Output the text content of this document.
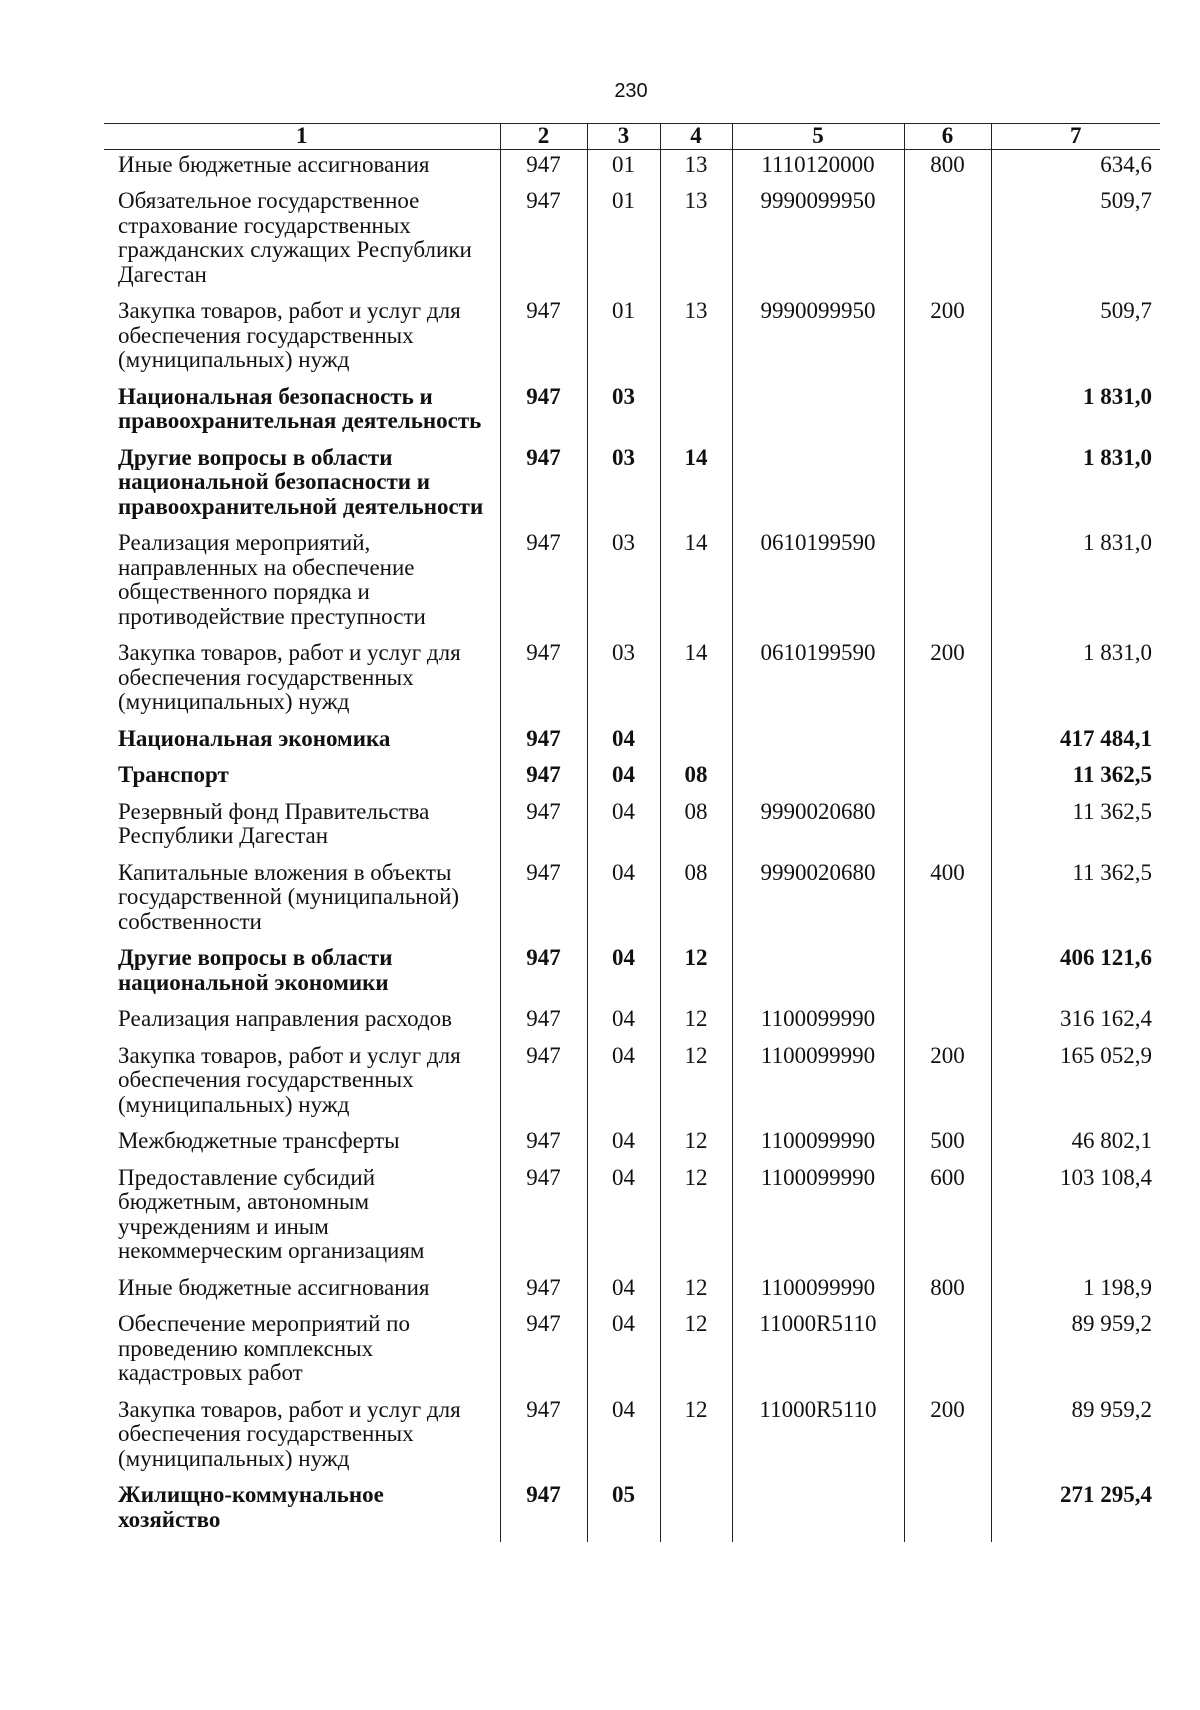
230
1	2	3	4	5	6	7
Иные бюджетные ассигнования	947	01	13	1110120000	800	634,6
Обязательное государственное страхование государственных гражданских служащих Республики Дагестан	947	01	13	9990099950		509,7
Закупка товаров, работ и услуг для обеспечения государственных (муниципальных) нужд	947	01	13	9990099950	200	509,7
Национальная безопасность и правоохранительная деятельность	947	03				1 831,0
Другие вопросы в области национальной безопасности и правоохранительной деятельности	947	03	14			1 831,0
Реализация мероприятий, направленных на обеспечение общественного порядка и противодействие преступности	947	03	14	0610199590		1 831,0
Закупка товаров, работ и услуг для обеспечения государственных (муниципальных) нужд	947	03	14	0610199590	200	1 831,0
Национальная экономика	947	04				417 484,1
Транспорт	947	04	08			11 362,5
Резервный фонд Правительства Республики Дагестан	947	04	08	9990020680		11 362,5
Капитальные вложения в объекты государственной (муниципальной) собственности	947	04	08	9990020680	400	11 362,5
Другие вопросы в области национальной экономики	947	04	12			406 121,6
Реализация направления расходов	947	04	12	1100099990		316 162,4
Закупка товаров, работ и услуг для обеспечения государственных (муниципальных) нужд	947	04	12	1100099990	200	165 052,9
Межбюджетные трансферты	947	04	12	1100099990	500	46 802,1
Предоставление субсидий бюджетным, автономным учреждениям и иным некоммерческим организациям	947	04	12	1100099990	600	103 108,4
Иные бюджетные ассигнования	947	04	12	1100099990	800	1 198,9
Обеспечение мероприятий по проведению комплексных кадастровых работ	947	04	12	11000R5110		89 959,2
Закупка товаров, работ и услуг для обеспечения государственных (муниципальных) нужд	947	04	12	11000R5110	200	89 959,2
Жилищно-коммунальное хозяйство	947	05				271 295,4
